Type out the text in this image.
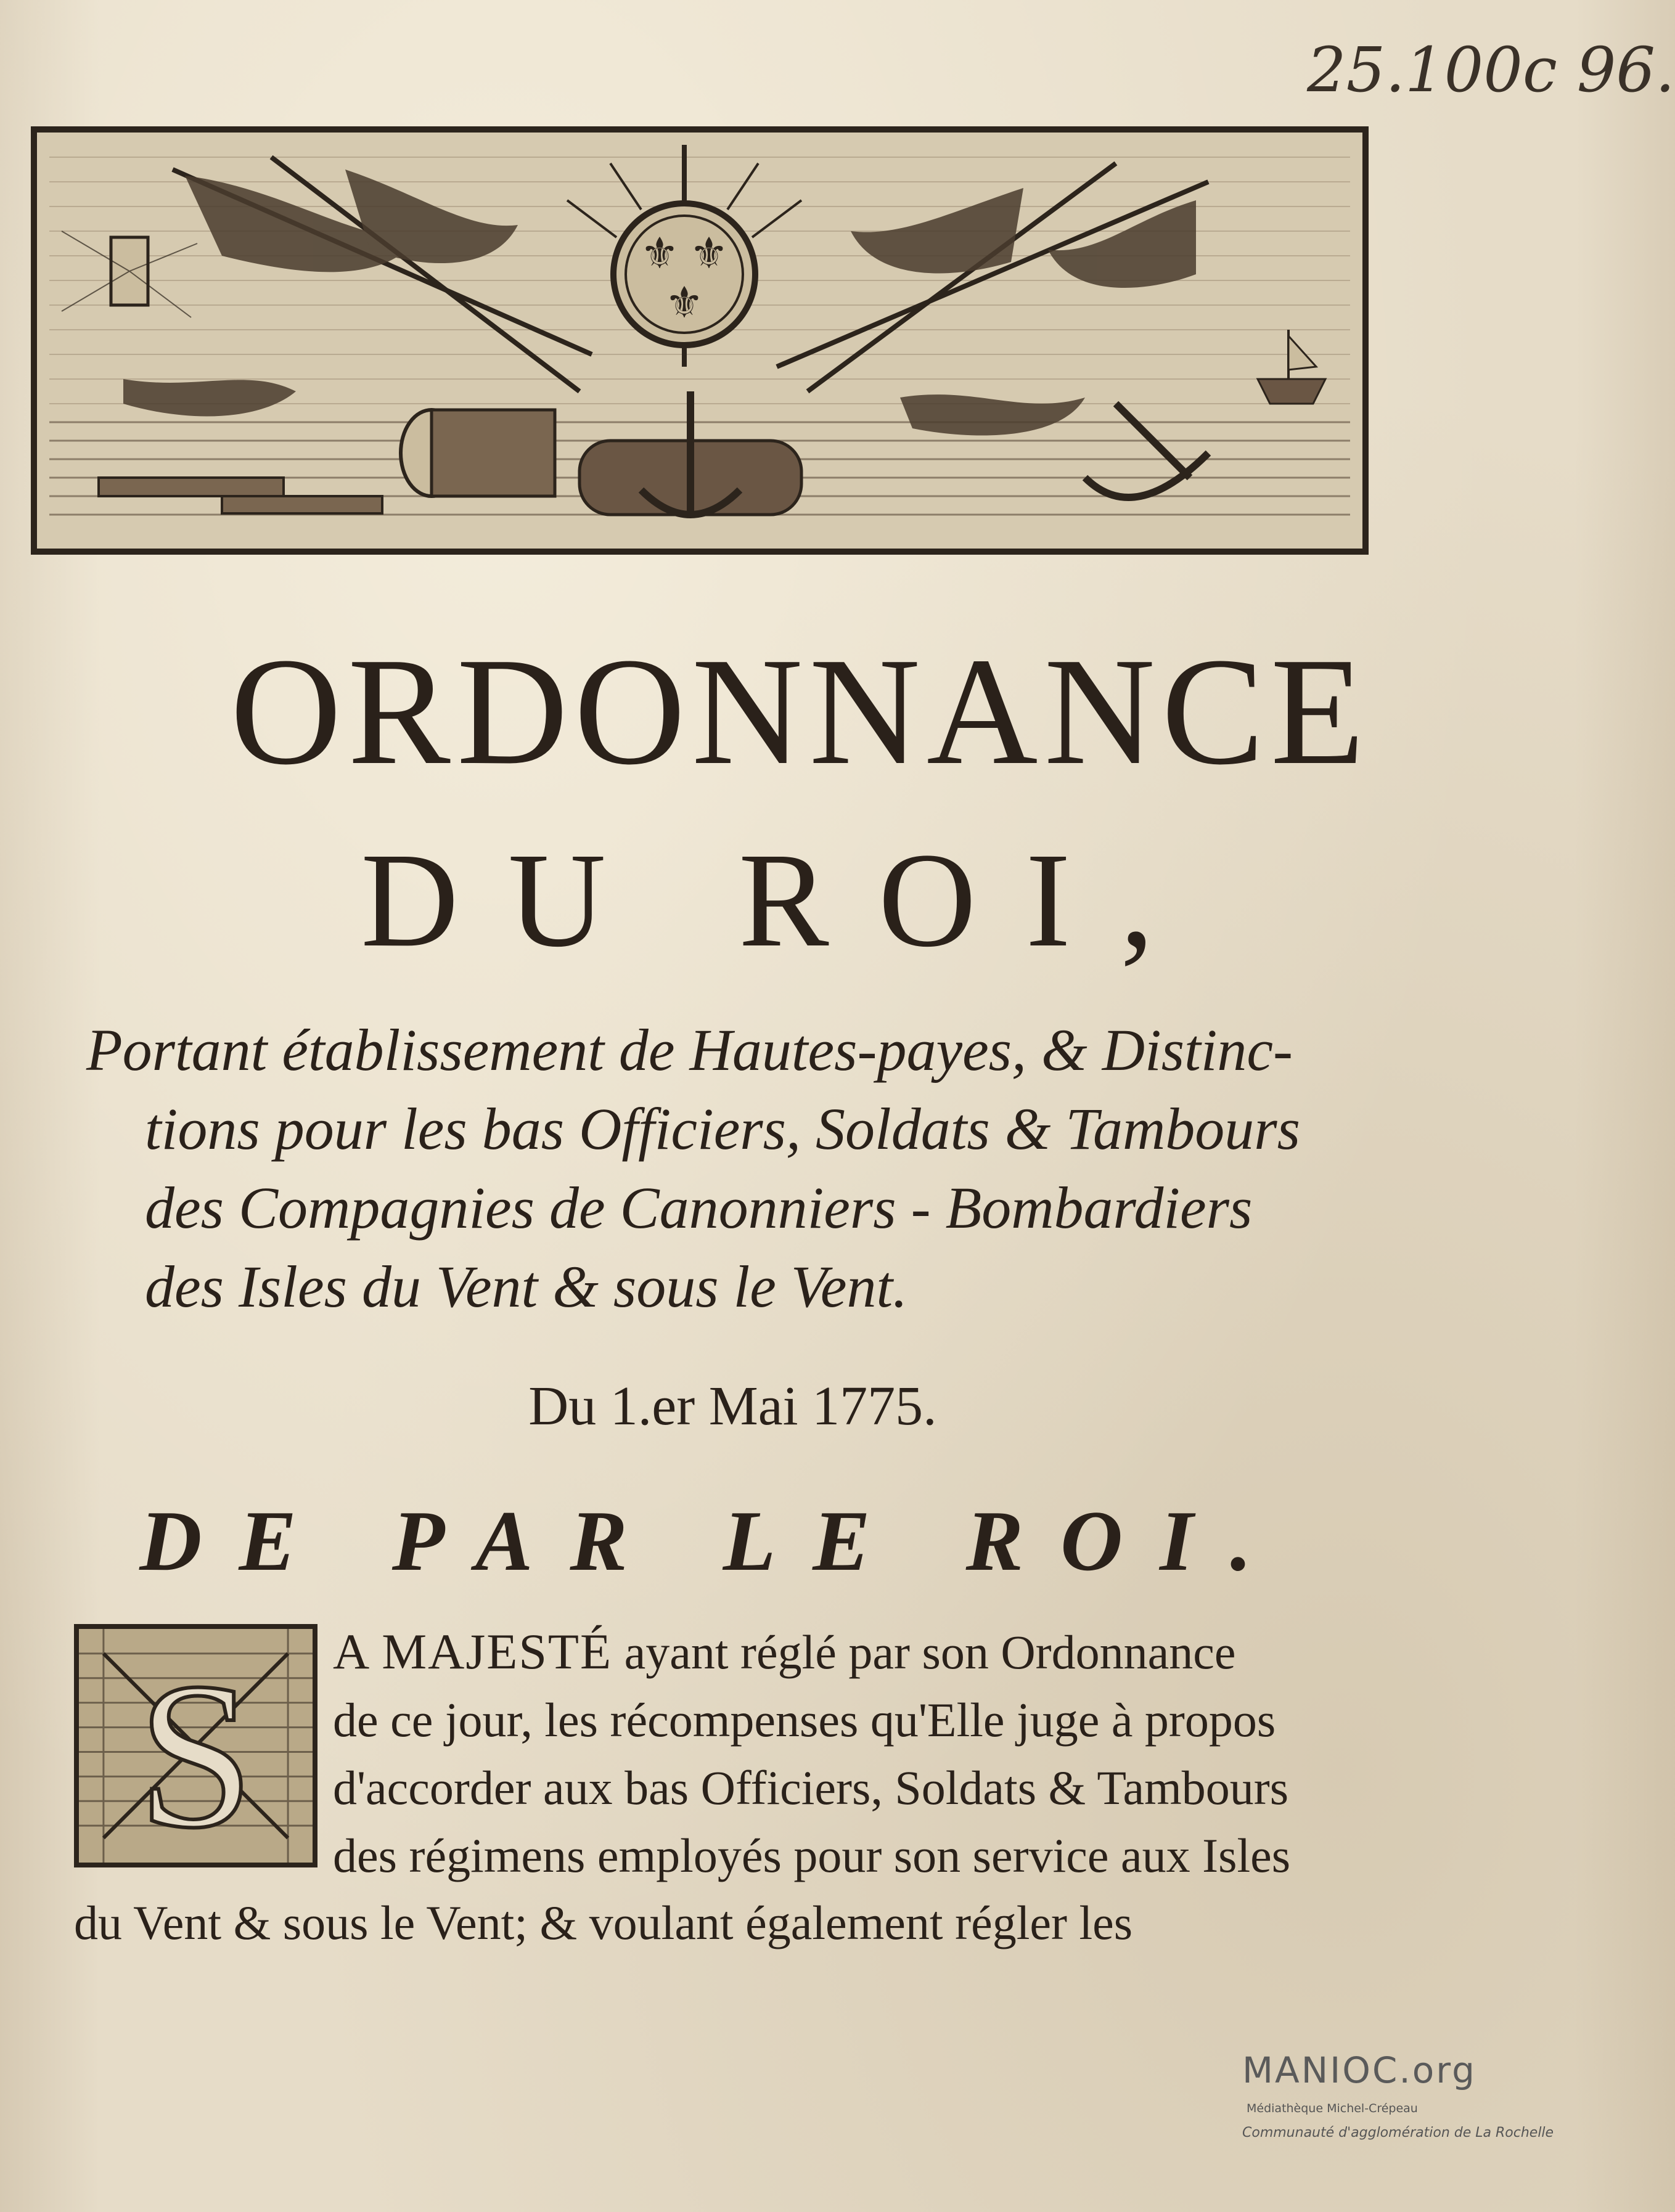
25.100c 96.
⚜ ⚜
⚜
ORDONNANCE
DU ROI,
Portant établissement de Hautes-payes, & Distinc-
tions pour les bas Officiers, Soldats & Tambours
des Compagnies de Canonniers - Bombardiers
des Isles du Vent & sous le Vent.
Du 1.er Mai 1775.
DE PAR LE ROI.
S A MAJESTÉ ayant réglé par son Ordonnance
de ce jour, les récompenses qu'Elle juge à propos
d'accorder aux bas Officiers, Soldats & Tambours
des régimens employés pour son service aux Isles
du Vent & sous le Vent; & voulant également régler les
MANIOC.org
Médiathèque Michel-Crépeau
Communauté d'agglomération de La Rochelle
